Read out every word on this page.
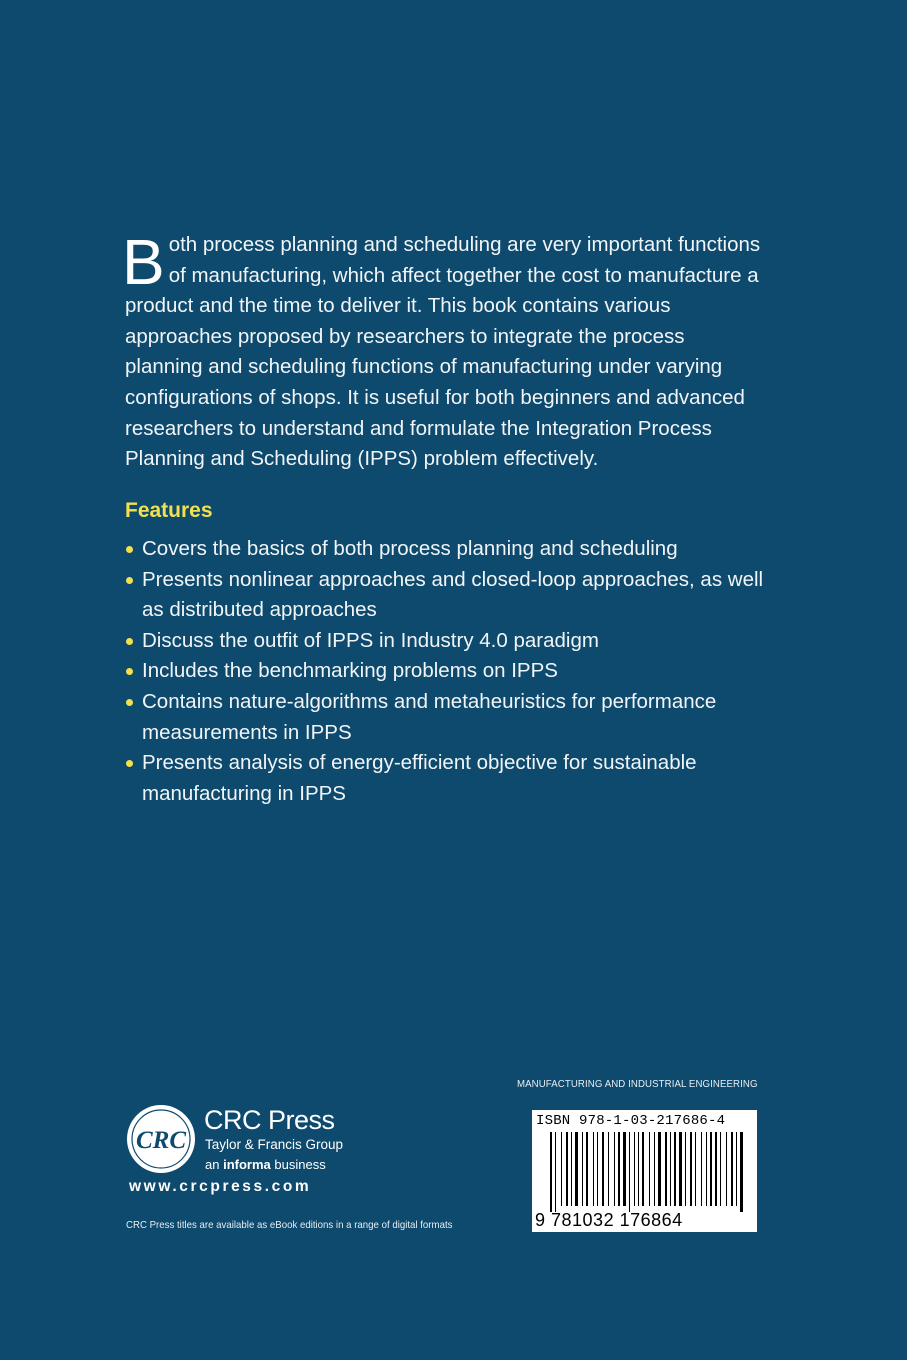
Both process planning and scheduling are very important functions of manufacturing, which affect together the cost to manufacture a product and the time to deliver it. This book contains various approaches proposed by researchers to integrate the process planning and scheduling functions of manufacturing under varying configurations of shops. It is useful for both beginners and advanced researchers to understand and formulate the Integration Process Planning and Scheduling (IPPS) problem effectively.

Features
Covers the basics of both process planning and scheduling
Presents nonlinear approaches and closed-loop approaches, as well as distributed approaches
Discuss the outfit of IPPS in Industry 4.0 paradigm
Includes the benchmarking problems on IPPS
Contains nature-algorithms and metaheuristics for performance measurements in IPPS
Presents analysis of energy-efficient objective for sustainable manufacturing in IPPS
MANUFACTURING AND INDUSTRIAL ENGINEERING
ISBN 978-1-03-217686-4
9 781032 176864
CRC
CRC Press
Taylor & Francis Group
an informa business
www.crcpress.com
CRC Press titles are available as eBook editions in a range of digital formats
